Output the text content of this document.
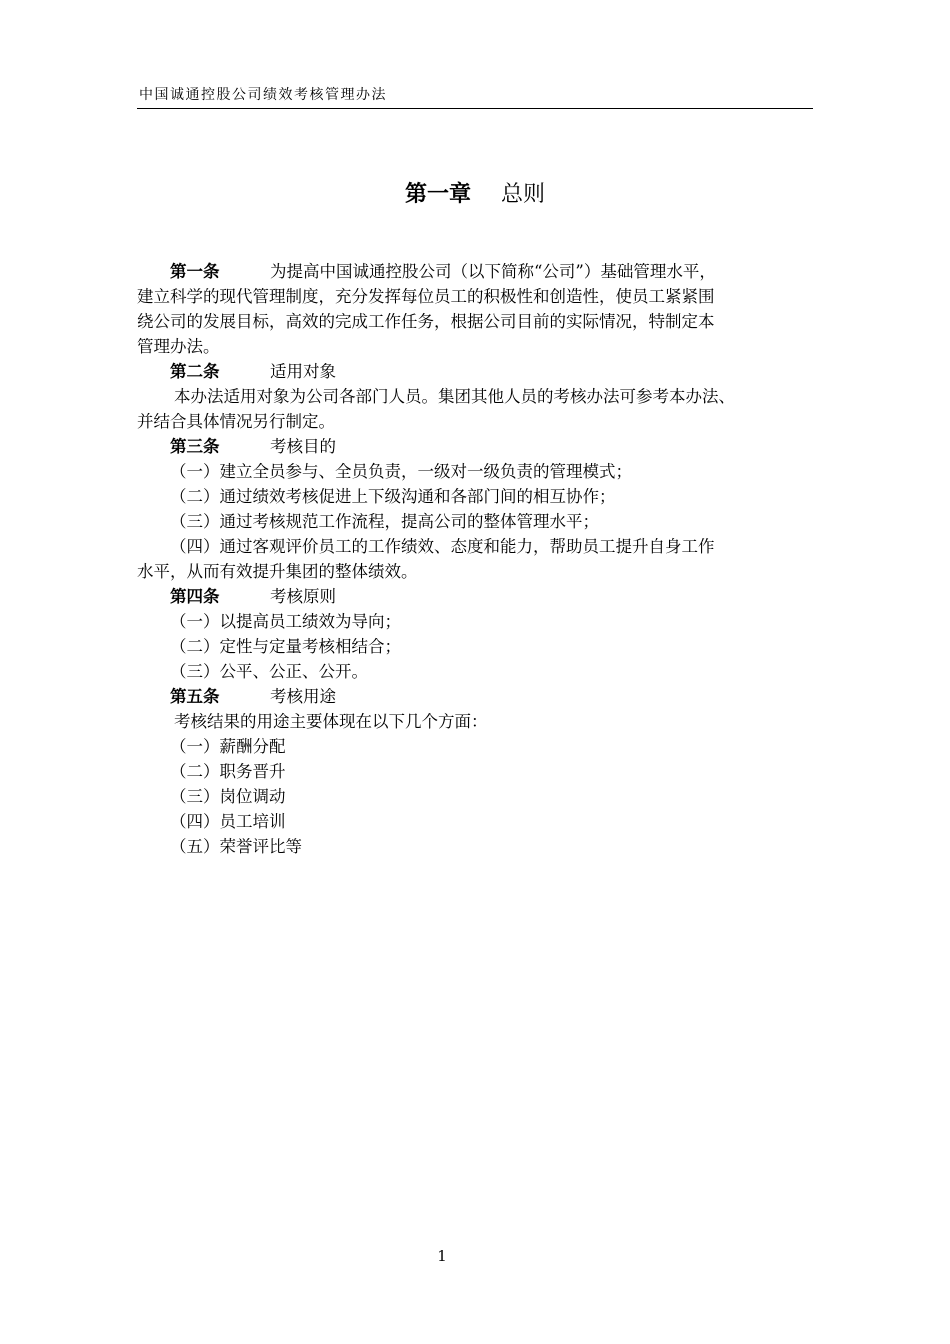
中国诚通控股公司绩效考核管理办法
第一章 总则
第一条	为提高中国诚通控股公司（以下简称“公司”）基础管理水平，
建立科学的现代管理制度，充分发挥每位员工的积极性和创造性，使员工紧紧围
绕公司的发展目标，高效的完成工作任务，根据公司目前的实际情况，特制定本
管理办法。
第二条	适用对象
本办法适用对象为公司各部门人员。集团其他人员的考核办法可参考本办法、
并结合具体情况另行制定。
第三条	考核目的
（一）建立全员参与、全员负责，一级对一级负责的管理模式；
（二）通过绩效考核促进上下级沟通和各部门间的相互协作；
（三）通过考核规范工作流程，提高公司的整体管理水平；
（四）通过客观评价员工的工作绩效、态度和能力，帮助员工提升自身工作
水平，从而有效提升集团的整体绩效。
第四条	考核原则
（一）以提高员工绩效为导向；
（二）定性与定量考核相结合；
（三）公平、公正、公开。
第五条	考核用途
考核结果的用途主要体现在以下几个方面：
（一）薪酬分配
（二）职务晋升
（三）岗位调动
（四）员工培训
（五）荣誉评比等
1
